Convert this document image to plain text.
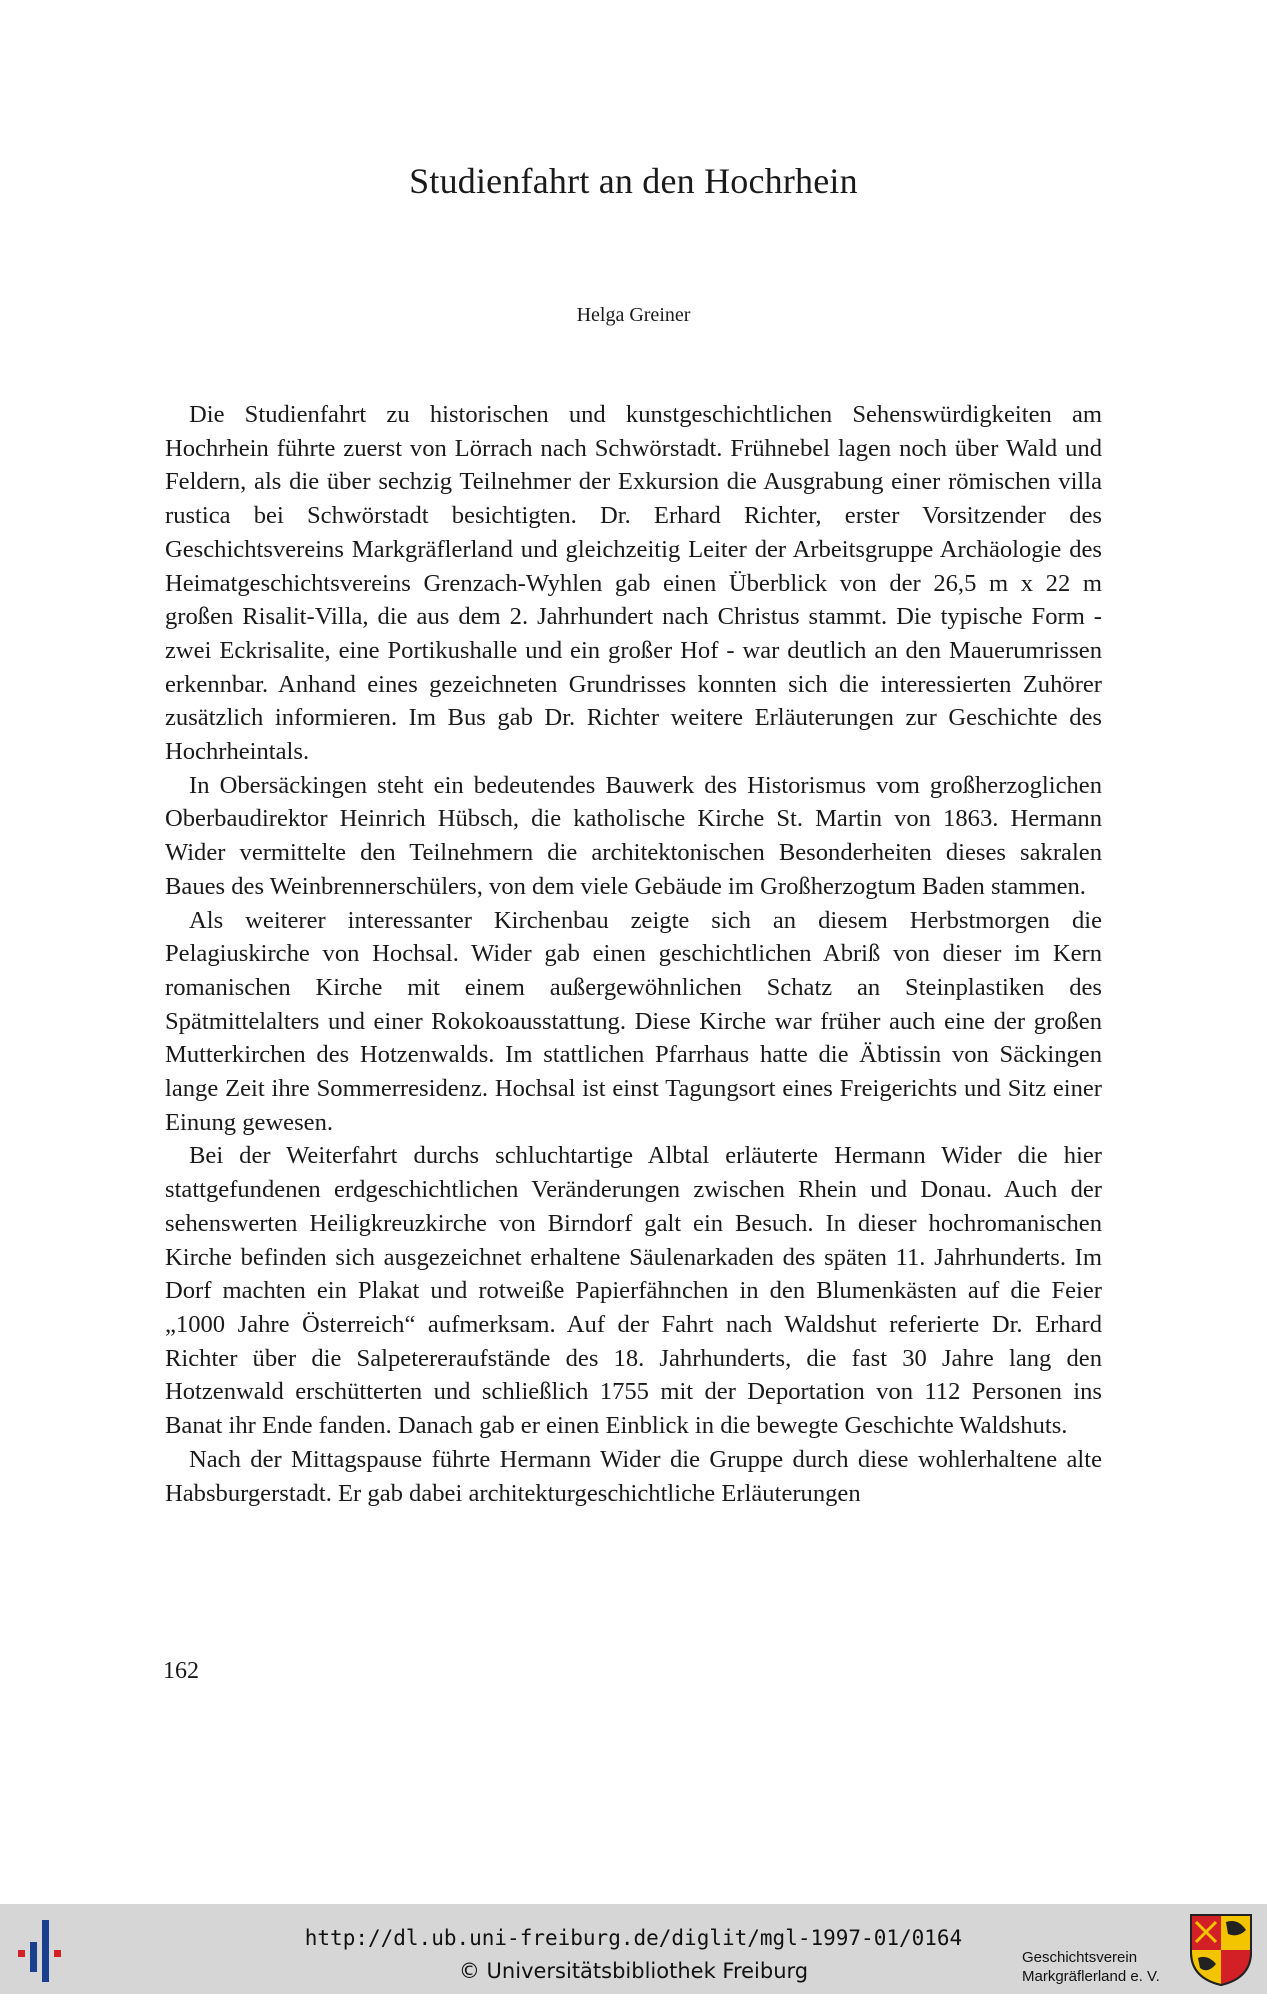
Studienfahrt an den Hochrhein
Helga Greiner

Die Studienfahrt zu historischen und kunstgeschichtlichen Sehenswürdigkeiten am Hochrhein führte zuerst von Lörrach nach Schwörstadt. Frühnebel lagen noch über Wald und Feldern, als die über sechzig Teilnehmer der Exkursion die Ausgrabung einer römischen villa rustica bei Schwörstadt besichtigten. Dr. Erhard Richter, erster Vorsitzender des Geschichtsvereins Markgräflerland und gleichzeitig Leiter der Arbeitsgruppe Archäologie des Heimatgeschichtsvereins Grenzach-Wyhlen gab einen Überblick von der 26,5 m x 22 m großen Risalit-Villa, die aus dem 2. Jahrhundert nach Christus stammt. Die typische Form - zwei Eckrisalite, eine Portikushalle und ein großer Hof - war deutlich an den Mauerumrissen erkennbar. Anhand eines gezeichneten Grundrisses konnten sich die interessierten Zuhörer zusätzlich informieren. Im Bus gab Dr. Richter weitere Erläuterungen zur Geschichte des Hochrheintals.

In Obersäckingen steht ein bedeutendes Bauwerk des Historismus vom großherzoglichen Oberbaudirektor Heinrich Hübsch, die katholische Kirche St. Martin von 1863. Hermann Wider vermittelte den Teilnehmern die architektonischen Besonderheiten dieses sakralen Baues des Weinbrennerschülers, von dem viele Gebäude im Großherzogtum Baden stammen.

Als weiterer interessanter Kirchenbau zeigte sich an diesem Herbstmorgen die Pelagiuskirche von Hochsal. Wider gab einen geschichtlichen Abriß von dieser im Kern romanischen Kirche mit einem außergewöhnlichen Schatz an Steinplastiken des Spätmittelalters und einer Rokokoausstattung. Diese Kirche war früher auch eine der großen Mutterkirchen des Hotzenwalds. Im stattlichen Pfarrhaus hatte die Äbtissin von Säckingen lange Zeit ihre Sommerresidenz. Hochsal ist einst Tagungsort eines Freigerichts und Sitz einer Einung gewesen.

Bei der Weiterfahrt durchs schluchtartige Albtal erläuterte Hermann Wider die hier stattgefundenen erdgeschichtlichen Veränderungen zwischen Rhein und Donau. Auch der sehenswerten Heiligkreuzkirche von Birndorf galt ein Besuch. In dieser hochromanischen Kirche befinden sich ausgezeichnet erhaltene Säulenarkaden des späten 11. Jahrhunderts. Im Dorf machten ein Plakat und rotweiße Papierfähnchen in den Blumenkästen auf die Feier „1000 Jahre Österreich“ aufmerksam. Auf der Fahrt nach Waldshut referierte Dr. Erhard Richter über die Salpetereraufstände des 18. Jahrhunderts, die fast 30 Jahre lang den Hotzenwald erschütterten und schließlich 1755 mit der Deportation von 112 Personen ins Banat ihr Ende fanden. Danach gab er einen Einblick in die bewegte Geschichte Waldshuts.

Nach der Mittagspause führte Hermann Wider die Gruppe durch diese wohlerhaltene alte Habsburgerstadt. Er gab dabei architekturgeschichtliche Erläuterungen

162
http://dl.ub.uni-freiburg.de/diglit/mgl-1997-01/0164
© Universitätsbibliothek Freiburg
Geschichtsverein
Markgräflerland e. V.
